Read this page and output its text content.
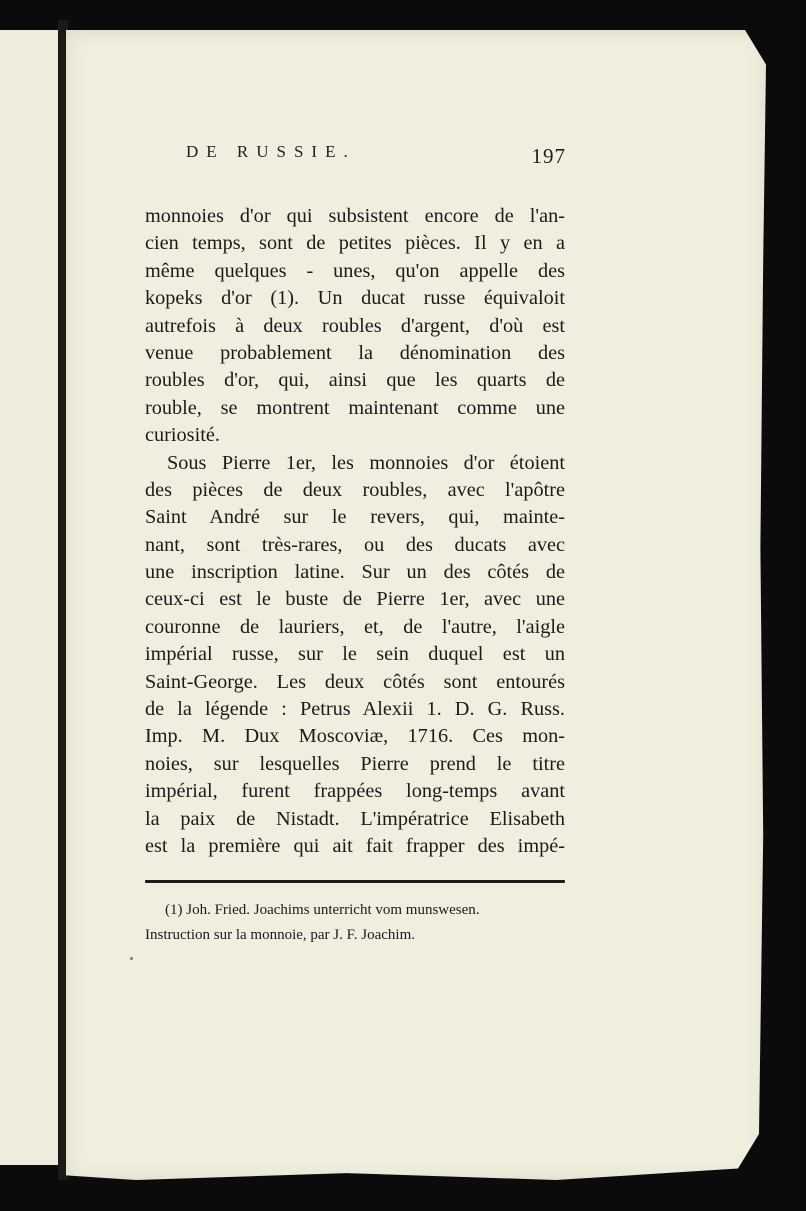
DE RUSSIE.	197
monnoies d'or qui subsistent encore de l'an-
cien temps, sont de petites pièces. Il y en a
même quelques - unes, qu'on appelle des
kopeks d'or (1). Un ducat russe équivaloit
autrefois à deux roubles d'argent, d'où est
venue probablement la dénomination des
roubles d'or, qui, ainsi que les quarts de
rouble, se montrent maintenant comme une
curiosité.
Sous Pierre 1er, les monnoies d'or étoient
des pièces de deux roubles, avec l'apôtre
Saint André sur le revers, qui, mainte-
nant, sont très-rares, ou des ducats avec
une inscription latine. Sur un des côtés de
ceux-ci est le buste de Pierre 1er, avec une
couronne de lauriers, et, de l'autre, l'aigle
impérial russe, sur le sein duquel est un
Saint-George. Les deux côtés sont entourés
de la légende : Petrus Alexii 1. D. G. Russ.
Imp. M. Dux Moscoviæ, 1716. Ces mon-
noies, sur lesquelles Pierre prend le titre
impérial, furent frappées long-temps avant
la paix de Nistadt. L'impératrice Elisabeth
est la première qui ait fait frapper des impé-
(1) Joh. Fried. Joachims unterricht vom munswesen.
Instruction sur la monnoie, par J. F. Joachim.
